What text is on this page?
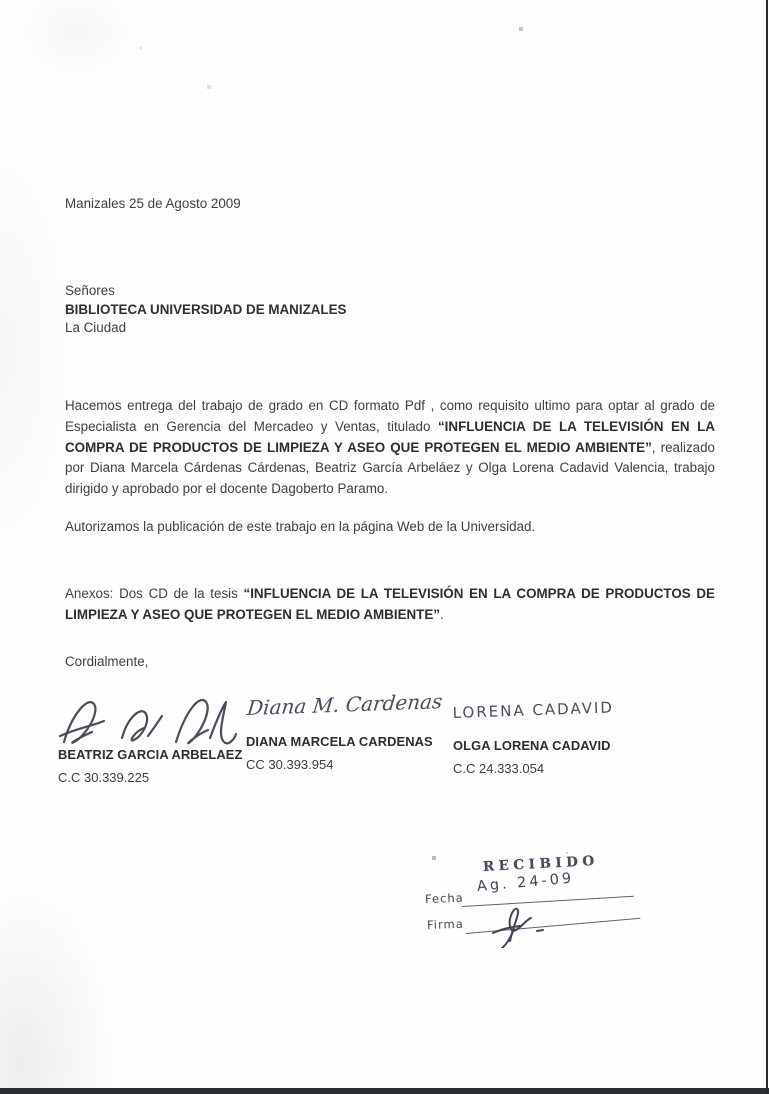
Manizales 25 de Agosto 2009
Señores
BIBLIOTECA UNIVERSIDAD DE MANIZALES
La Ciudad

Hacemos entrega del trabajo de grado en CD formato Pdf , como requisito ultimo para optar al grado de Especialista en Gerencia del Mercadeo y Ventas, titulado “INFLUENCIA DE LA TELEVISIÓN EN LA COMPRA DE PRODUCTOS DE LIMPIEZA Y ASEO QUE PROTEGEN EL MEDIO AMBIENTE”, realizado por Diana Marcela Cárdenas Cárdenas, Beatriz García Arbeláez y Olga Lorena Cadavid Valencia, trabajo dirigido y aprobado por el docente Dagoberto Paramo.

Autorizamos la publicación de este trabajo en la página Web de la Universidad.

Anexos: Dos CD de la tesis “INFLUENCIA DE LA TELEVISIÓN EN LA COMPRA DE PRODUCTOS DE LIMPIEZA Y ASEO QUE PROTEGEN EL MEDIO AMBIENTE”.

Cordialmente,
BEATRIZ GARCIA ARBELAEZ
C.C 30.339.225
Diana M. Cardenas
DIANA MARCELA CARDENAS
CC 30.393.954
LORENA CADAVID
OLGA LORENA CADAVID
C.C 24.333.054
RECIBIDO
Fecha
Ag. 24-09
Firma
